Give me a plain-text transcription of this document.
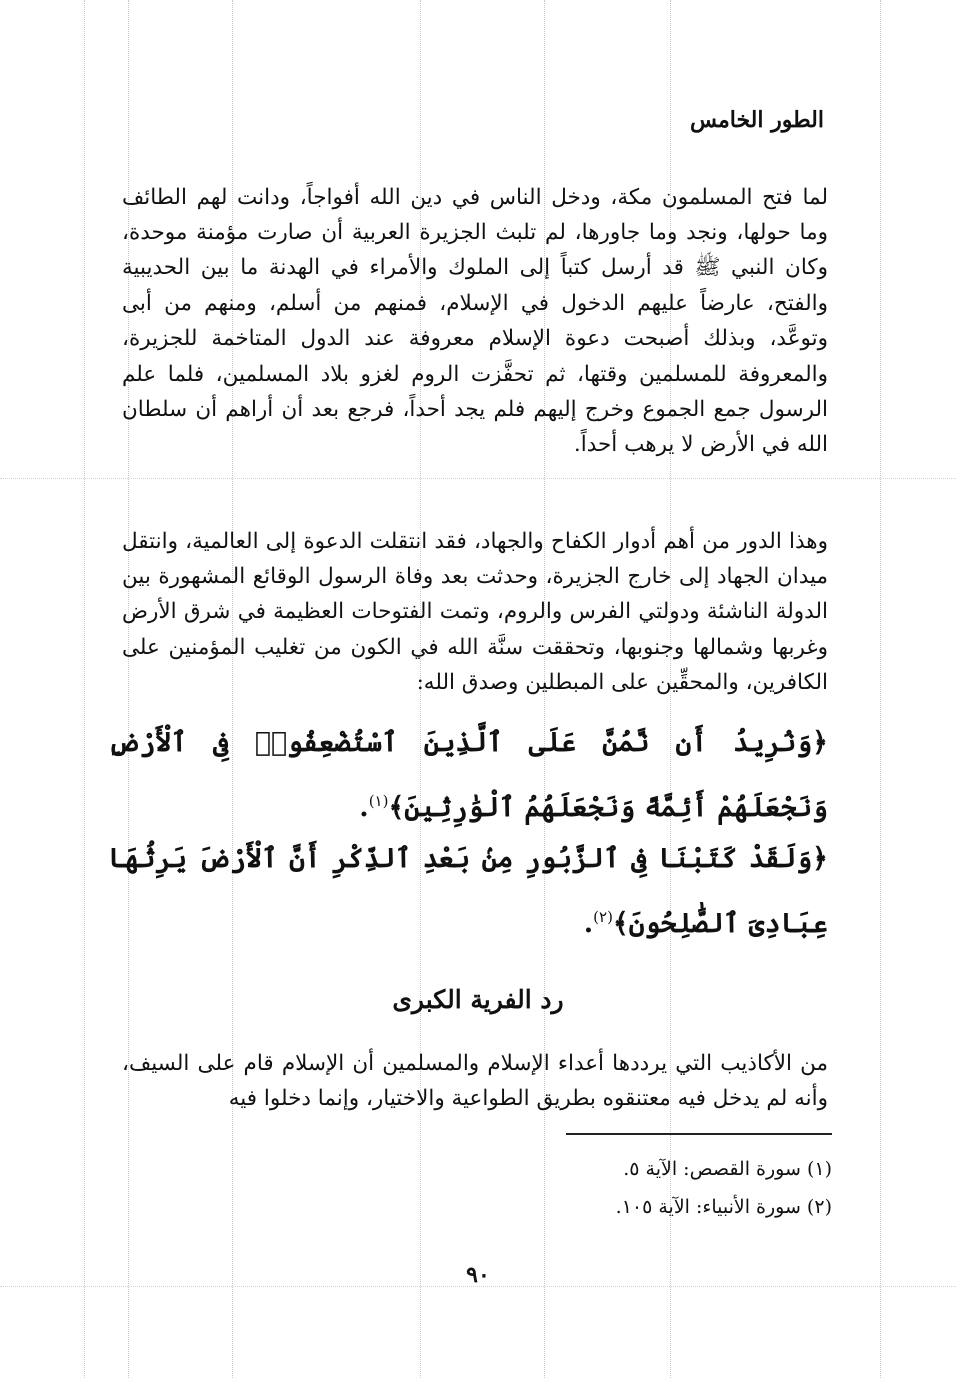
الطور الخامس

لما فتح المسلمون مكة، ودخل الناس في دين الله أفواجاً، ودانت لهم الطائف وما حولها، ونجد وما جاورها، لم تلبث الجزيرة العربية أن صارت مؤمنة موحدة، وكان النبي ﷺ قد أرسل كتباً إلى الملوك والأمراء في الهدنة ما بين الحديبية والفتح، عارضاً عليهم الدخول في الإسلام، فمنهم من أسلم، ومنهم من أبى وتوعَّد، وبذلك أصبحت دعوة الإسلام معروفة عند الدول المتاخمة للجزيرة، والمعروفة للمسلمين وقتها، ثم تحفَّزت الروم لغزو بلاد المسلمين، فلما علم الرسول جمع الجموع وخرج إليهم فلم يجد أحداً، فرجع بعد أن أراهم أن سلطان الله في الأرض لا يرهب أحداً.

وهذا الدور من أهم أدوار الكفاح والجهاد، فقد انتقلت الدعوة إلى العالمية، وانتقل ميدان الجهاد إلى خارج الجزيرة، وحدثت بعد وفاة الرسول الوقائع المشهورة بين الدولة الناشئة ودولتي الفرس والروم، وتمت الفتوحات العظيمة في شرق الأرض وغربها وشمالها وجنوبها، وتحققت سنَّة الله في الكون من تغليب المؤمنين على الكافرين، والمحقِّين على المبطلين وصدق الله:

﴿وَنُرِيدُ أَن نَّمُنَّ عَلَى ٱلَّذِينَ ٱسْتُضْعِفُوا۟ فِى ٱلْأَرْضِ وَنَجْعَلَهُمْ أَئِمَّةً وَنَجْعَلَهُمُ ٱلْوَٰرِثِينَ﴾$^{(١)}$.
﴿وَلَقَدْ كَتَبْنَا فِى ٱلزَّبُورِ مِنۢ بَعْدِ ٱلذِّكْرِ أَنَّ ٱلْأَرْضَ يَرِثُهَا عِبَادِىَ ٱلصَّٰلِحُونَ﴾$^{(٢)}$.
رد الفرية الكبرى

من الأكاذيب التي يرددها أعداء الإسلام والمسلمين أن الإسلام قام على السيف، وأنه لم يدخل فيه معتنقوه بطريق الطواعية والاختيار، وإنما دخلوا فيه

(١) سورة القصص: الآية ٥.
(٢) سورة الأنبياء: الآية ١٠٥.
٩٠
